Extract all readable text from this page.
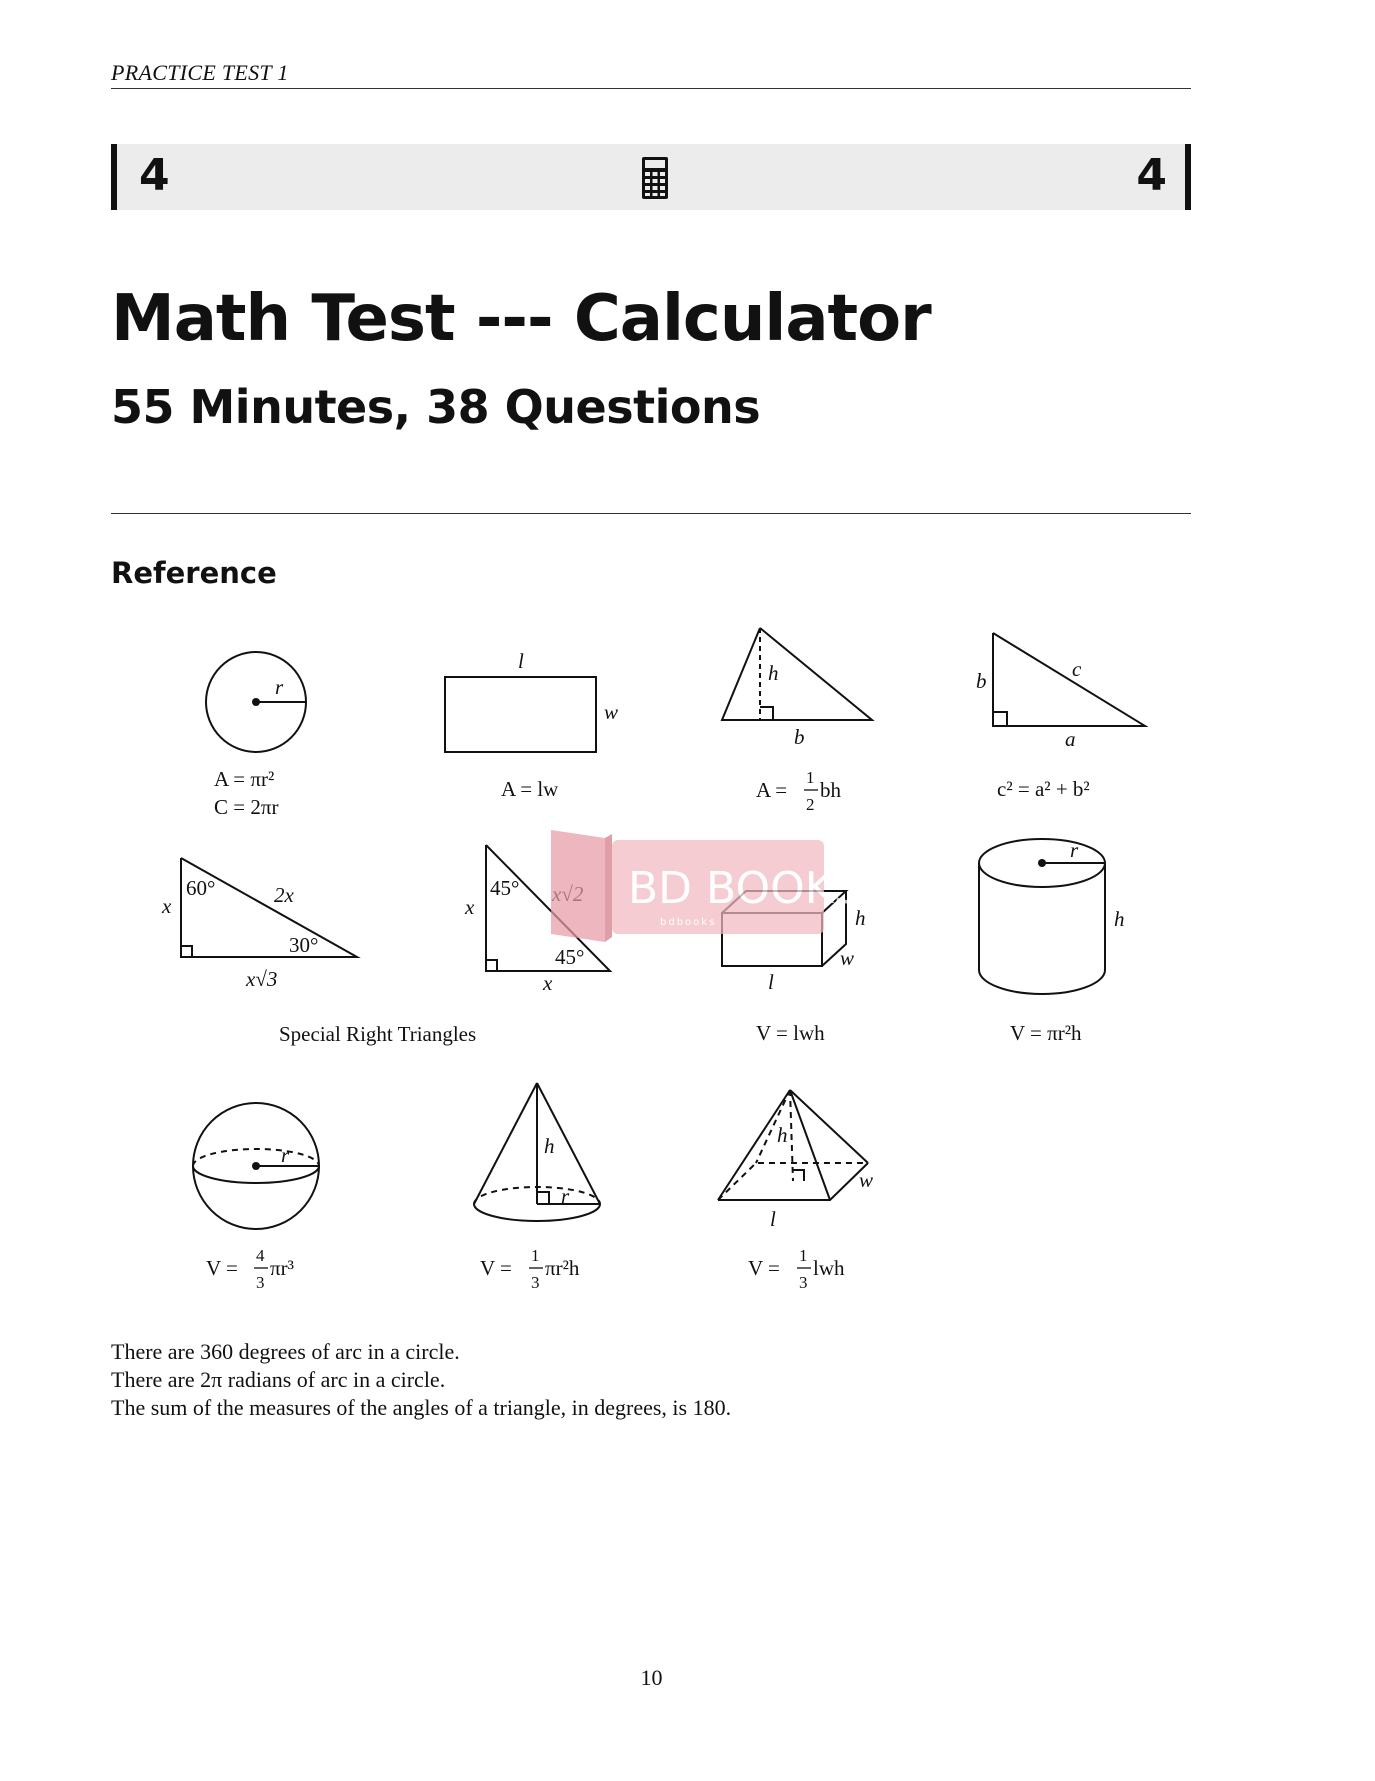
PRACTICE TEST 1
4	4
Math Test --- Calculator
55 Minutes, 38 Questions
Reference
r
A = πr²
C = 2πr
l
w
A = lw
h
b
A =
1
2
bh
b	c
a
c² = a² + b²
60°	2x
x
30°
x√3
45°
x
45°
x
Special Right Triangles
h
w
l
V = lwh
r
h
V = πr²h
r
V =
4
3
πr³
h
r
V =
1
3
πr²h
h
w
l
V =
1
3
lwh
BD BOOKS
bdbooks
There are 360 degrees of arc in a circle.
There are 2π radians of arc in a circle.
The sum of the measures of the angles of a triangle, in degrees, is 180.
10
